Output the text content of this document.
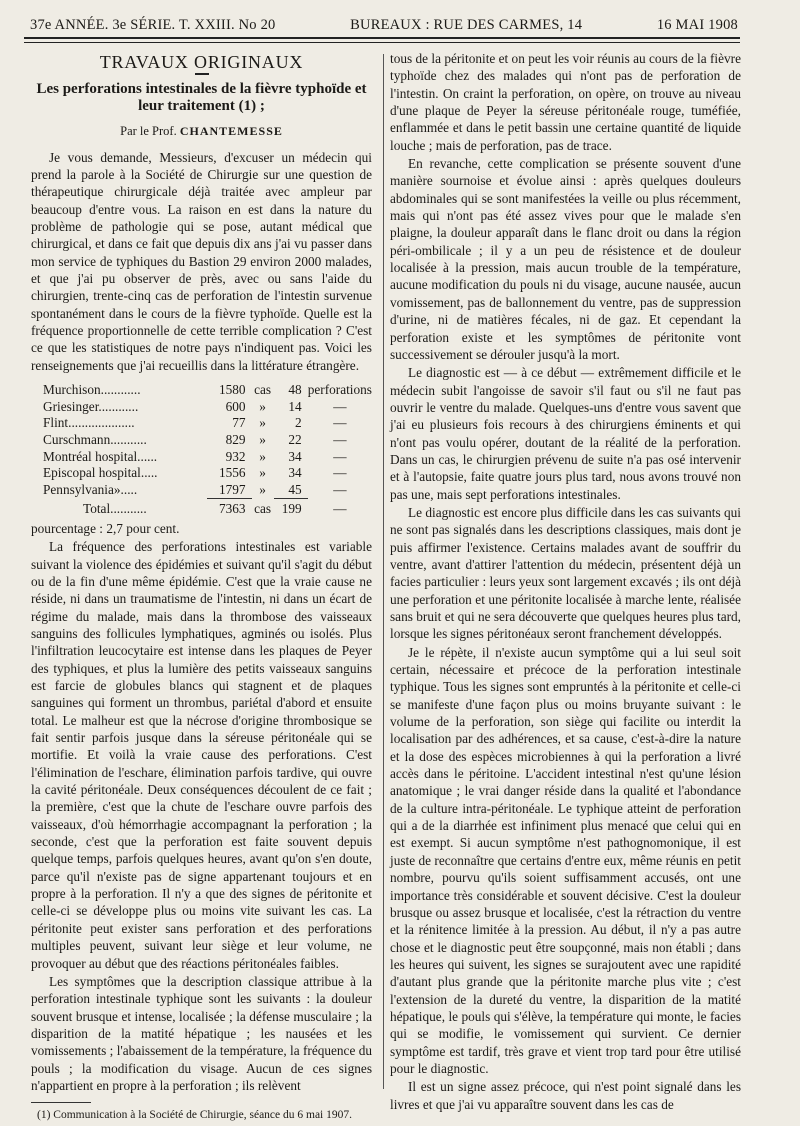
37e ANNÉE. 3e SÉRIE. T. XXIII. No 20	BUREAUX : RUE DES CARMES, 14	16 MAI 1908
TRAVAUX ORIGINAUX
Les perforations intestinales de la fièvre typhoïde et leur traitement (1) ;
Par le Prof. CHANTEMESSE

Je vous demande, Messieurs, d'excuser un médecin qui prend la parole à la Société de Chirurgie sur une question de thérapeutique chirurgicale déjà traitée avec ampleur par beaucoup d'entre vous. La raison en est dans la nature du problème de pathologie qui se pose, autant médical que chirurgical, et dans ce fait que depuis dix ans j'ai vu passer dans mon service de typhiques du Bastion 29 environ 2000 malades, et que j'ai pu observer de près, avec ou sans l'aide du chirurgien, trente-cinq cas de perforation de l'intestin survenue spontanément dans le cours de la fièvre typhoïde. Quelle est la fréquence proportionnelle de cette terrible complication ? C'est ce que les statistiques de notre pays n'indiquent pas. Voici les renseignements que j'ai recueillis dans la littérature étrangère.

Murchison............	1580	cas	48	perforations
Griesinger............	600	»	14	—
Flint....................	77	»	2	—
Curschmann...........	829	»	22	—
Montréal hospital......	932	»	34	—
Episcopal hospital.....	1556	»	34	—
Pennsylvania».....	1797	»	45	—
Total...........	7363	cas	199	—

pourcentage : 2,7 pour cent.

La fréquence des perforations intestinales est variable suivant la violence des épidémies et suivant qu'il s'agit du début ou de la fin d'une même épidémie. C'est que la vraie cause ne réside, ni dans un traumatisme de l'intestin, ni dans un écart de régime du malade, mais dans la thrombose des vaisseaux sanguins des follicules lymphatiques, agminés ou isolés. Plus l'infiltration leucocytaire est intense dans les plaques de Peyer des typhiques, et plus la lumière des petits vaisseaux sanguins est farcie de globules blancs qui stagnent et de plaques sanguines qui forment un thrombus, pariétal d'abord et ensuite total. Le malheur est que la nécrose d'origine thrombosique se fait sentir parfois jusque dans la séreuse péritonéale qui se mortifie. Et voilà la vraie cause des perforations. C'est l'élimination de l'eschare, élimination parfois tardive, qui ouvre la cavité péritonéale. Deux conséquences découlent de ce fait ; la première, c'est que la chute de l'eschare ouvre parfois des vaisseaux, d'où hémorrhagie accompagnant la perforation ; la seconde, c'est que la perforation est faite souvent depuis quelque temps, parfois quelques heures, avant qu'on s'en doute, parce qu'il n'existe pas de signe appartenant toujours et en propre à la perforation. Il n'y a que des signes de péritonite et celle-ci se développe plus ou moins vite suivant les cas. La péritonite peut exister sans perforation et des perforations multiples peuvent, suivant leur siège et leur volume, ne provoquer au début que des réactions péritonéales faibles.

Les symptômes que la description classique attribue à la perforation intestinale typhique sont les suivants : la douleur souvent brusque et intense, localisée ; la défense musculaire ; la disparition de la matité hépatique ; les nausées et les vomissements ; l'abaissement de la température, la fréquence du pouls ; la modification du visage. Aucun de ces signes n'appartient en propre à la perforation ; ils relèvent

(1) Communication à la Société de Chirurgie, séance du 6 mai 1907.

tous de la péritonite et on peut les voir réunis au cours de la fièvre typhoïde chez des malades qui n'ont pas de perforation de l'intestin. On craint la perforation, on opère, on trouve au niveau d'une plaque de Peyer la séreuse péritonéale rouge, tuméfiée, enflammée et dans le petit bassin une certaine quantité de liquide louche ; mais de perforation, pas de trace.

En revanche, cette complication se présente souvent d'une manière sournoise et évolue ainsi : après quelques douleurs abdominales qui se sont manifestées la veille ou plus récemment, mais qui n'ont pas été assez vives pour que le malade s'en plaigne, la douleur apparaît dans le flanc droit ou dans la région péri-ombilicale ; il y a un peu de résistence et de douleur localisée à la pression, mais aucun trouble de la température, aucune modification du pouls ni du visage, aucune nausée, aucun vomissement, pas de ballonnement du ventre, pas de suppression d'urine, ni de matières fécales, ni de gaz. Et cependant la perforation existe et les symptômes de péritonite vont successivement se dérouler jusqu'à la mort.

Le diagnostic est — à ce début — extrêmement difficile et le médecin subit l'angoisse de savoir s'il faut ou s'il ne faut pas ouvrir le ventre du malade. Quelques-uns d'entre vous savent que j'ai eu plusieurs fois recours à des chirurgiens éminents et qui n'ont pas voulu opérer, doutant de la réalité de la perforation. Dans un cas, le chirurgien prévenu de suite n'a pas osé intervenir et à l'autopsie, faite quatre jours plus tard, nous avons trouvé non pas une, mais sept perforations intestinales.

Le diagnostic est encore plus difficile dans les cas suivants qui ne sont pas signalés dans les descriptions classiques, mais dont je puis affirmer l'existence. Certains malades avant de souffrir du ventre, avant d'attirer l'attention du médecin, présentent déjà un facies particulier : leurs yeux sont largement excavés ; ils ont déjà une perforation et une péritonite localisée à marche lente, réalisée sans bruit et qui ne sera découverte que quelques heures plus tard, lorsque les signes péritonéaux seront franchement développés.

Je le répète, il n'existe aucun symptôme qui a lui seul soit certain, nécessaire et précoce de la perforation intestinale typhique. Tous les signes sont empruntés à la péritonite et celle-ci se manifeste d'une façon plus ou moins bruyante suivant : le volume de la perforation, son siège qui facilite ou interdit la localisation par des adhérences, et sa cause, c'est-à-dire la nature et la dose des espèces microbiennes à qui la perforation a livré accès dans le péritoine. L'accident intestinal n'est qu'une lésion anatomique ; le vrai danger réside dans la qualité et l'abondance de la culture intra-péritonéale. Le typhique atteint de perforation qui a de la diarrhée est infiniment plus menacé que celui qui en est exempt. Si aucun symptôme n'est pathognomonique, il est juste de reconnaître que certains d'entre eux, même réunis en petit nombre, pourvu qu'ils soient suffisamment accusés, ont une importance très considérable et souvent décisive. C'est la douleur brusque ou assez brusque et localisée, c'est la rétraction du ventre et la rénitence limitée à la pression. Au début, il n'y a pas autre chose et le diagnostic peut être soupçonné, mais non établi ; dans les heures qui suivent, les signes se surajoutent avec une rapidité d'autant plus grande que la péritonite marche plus vite ; c'est l'extension de la dureté du ventre, la disparition de la matité hépatique, le pouls qui s'élève, la température qui monte, le facies qui se modifie, le vomissement qui survient. Ce dernier symptôme est tardif, très grave et vient trop tard pour être utilisé pour le diagnostic.

Il est un signe assez précoce, qui n'est point signalé dans les livres et que j'ai vu apparaître souvent dans les cas de
